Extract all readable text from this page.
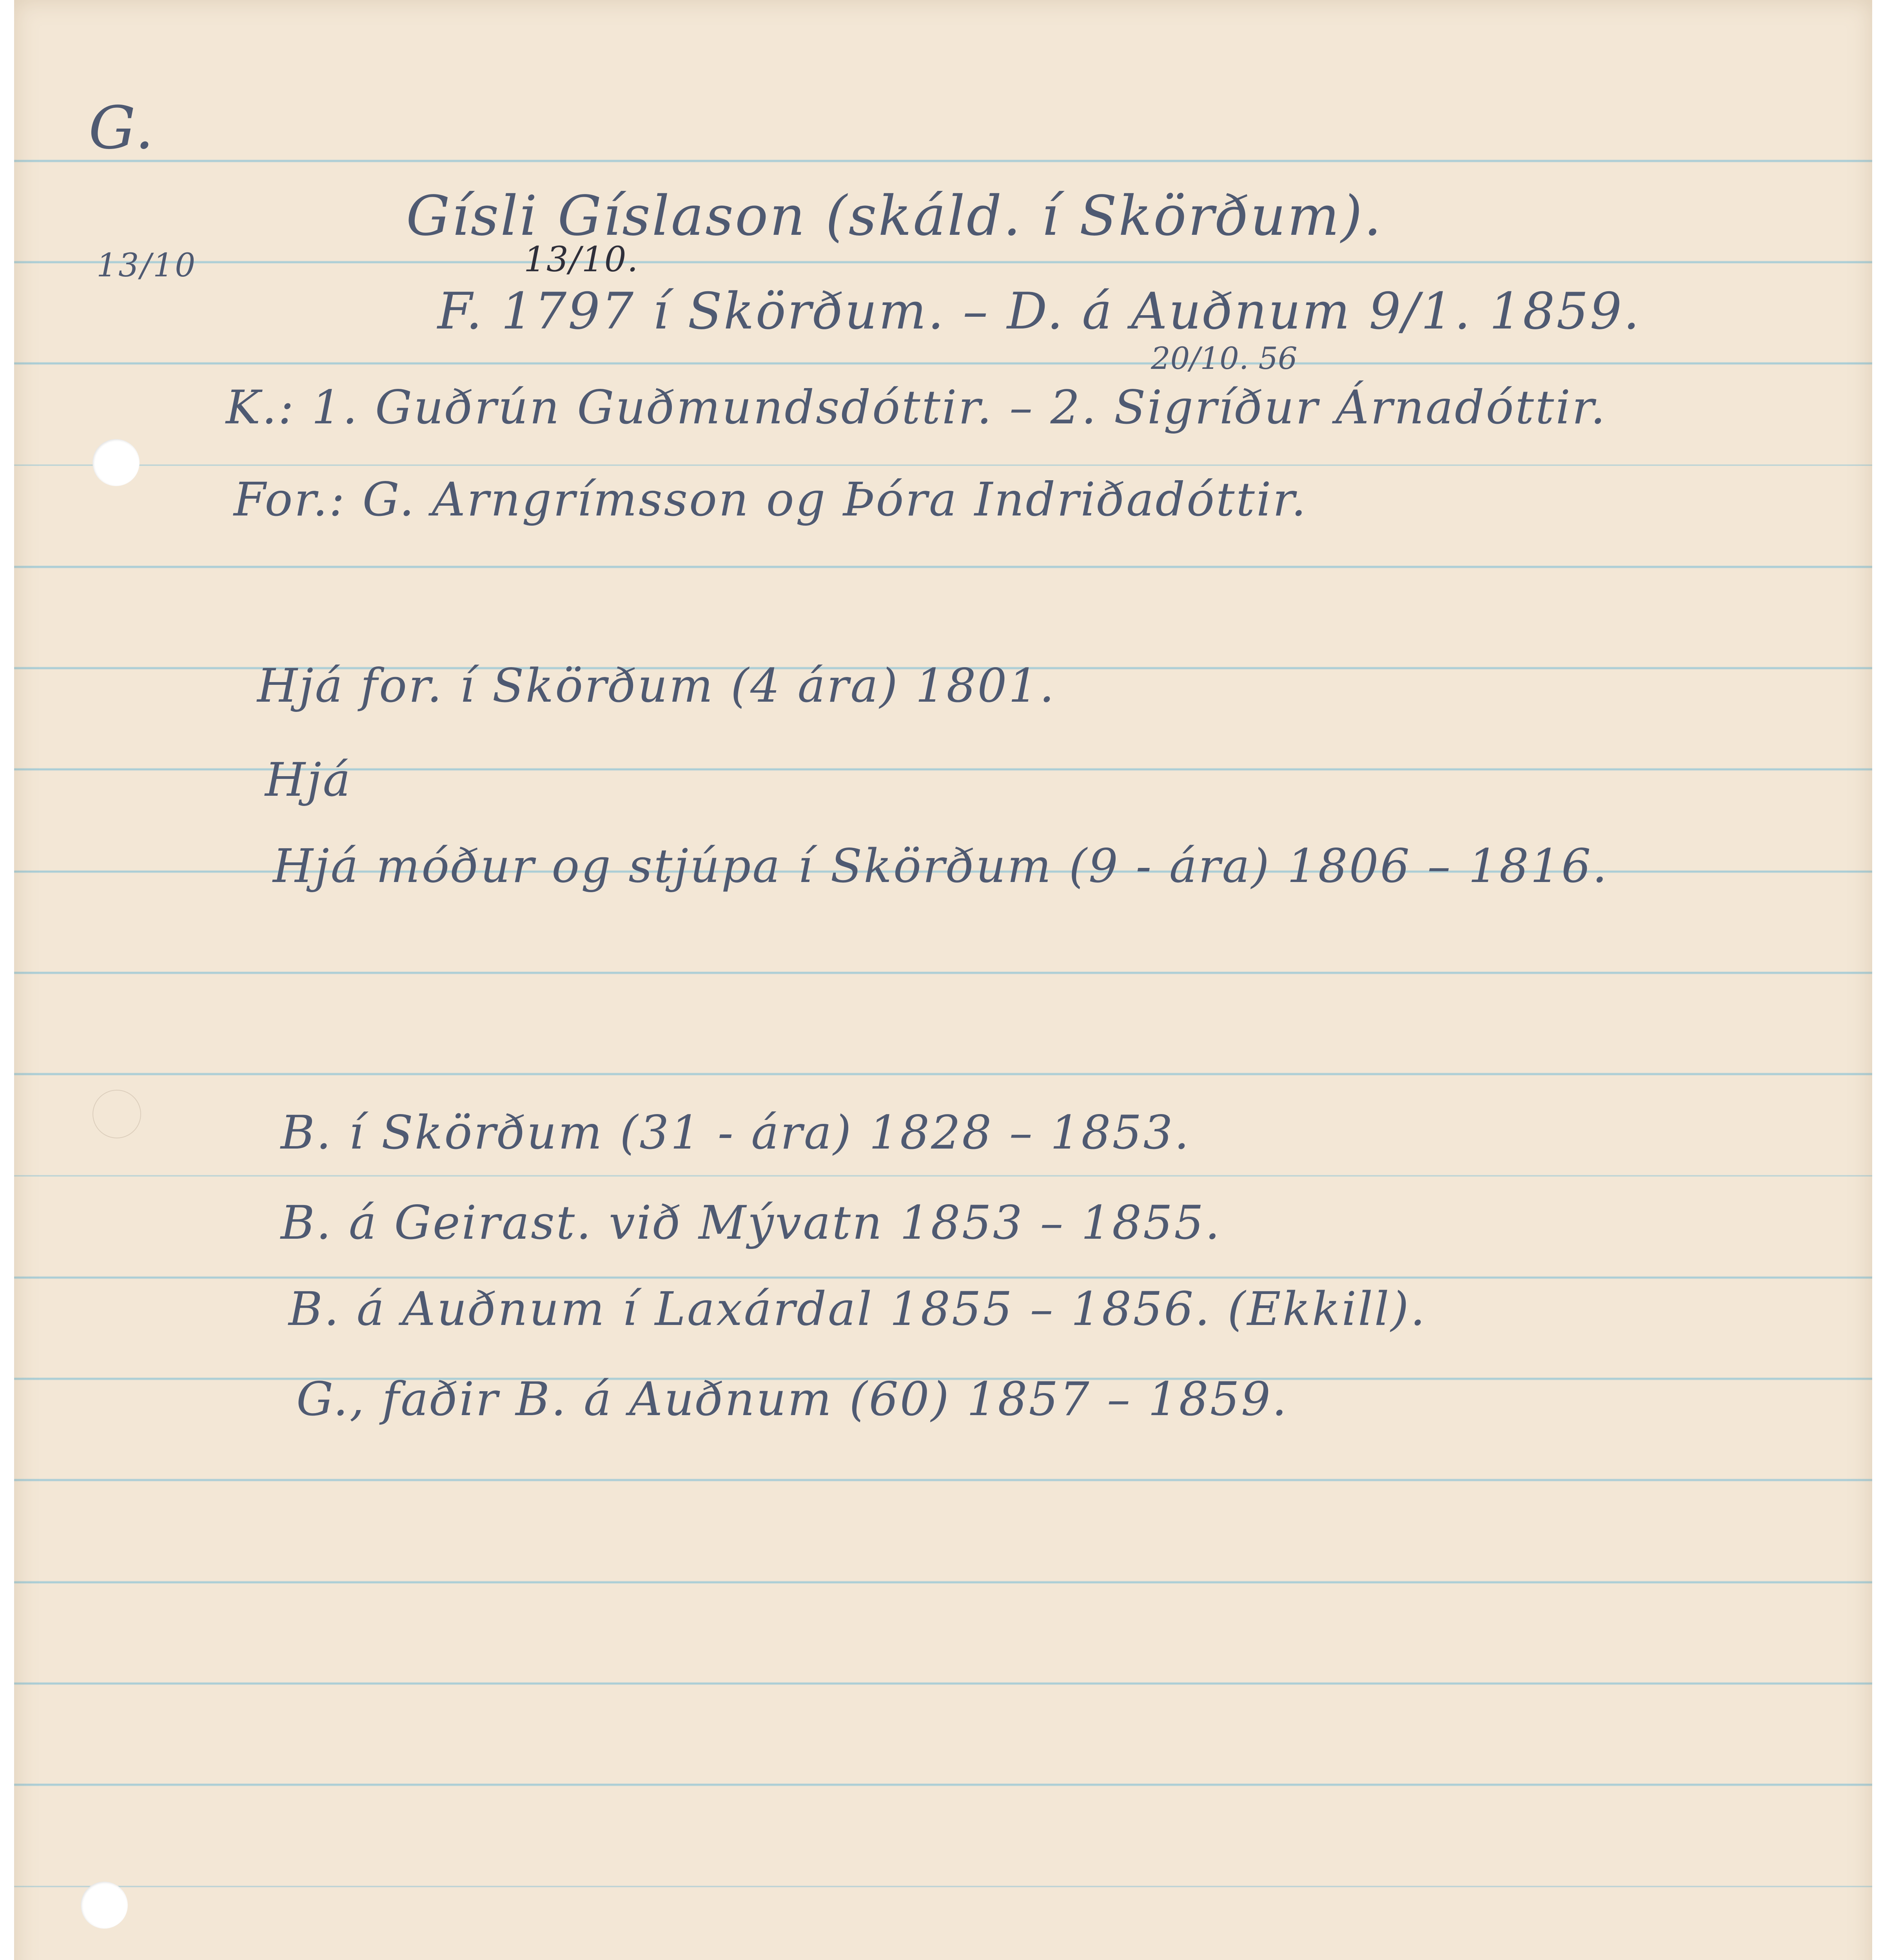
G.
13/10
Gísli Gíslason (skáld. í Skörðum).
13/10.
F. 1797 í Skörðum. – D. á Auðnum 9/1. 1859.
20/10. 56
K.: 1. Guðrún Guðmundsdóttir. – 2. Sigríður Árnadóttir.
For.: G. Arngrímsson og Þóra Indriðadóttir.
Hjá for. í Skörðum (4 ára) 1801.
Hjá
Hjá móður og stjúpa í Skörðum (9 - ára) 1806 – 1816.
B. í Skörðum (31 - ára) 1828 – 1853.
B. á Geirast. við Mývatn 1853 – 1855.
B. á Auðnum í Laxárdal 1855 – 1856. (Ekkill).
G., faðir B. á Auðnum (60) 1857 – 1859.
